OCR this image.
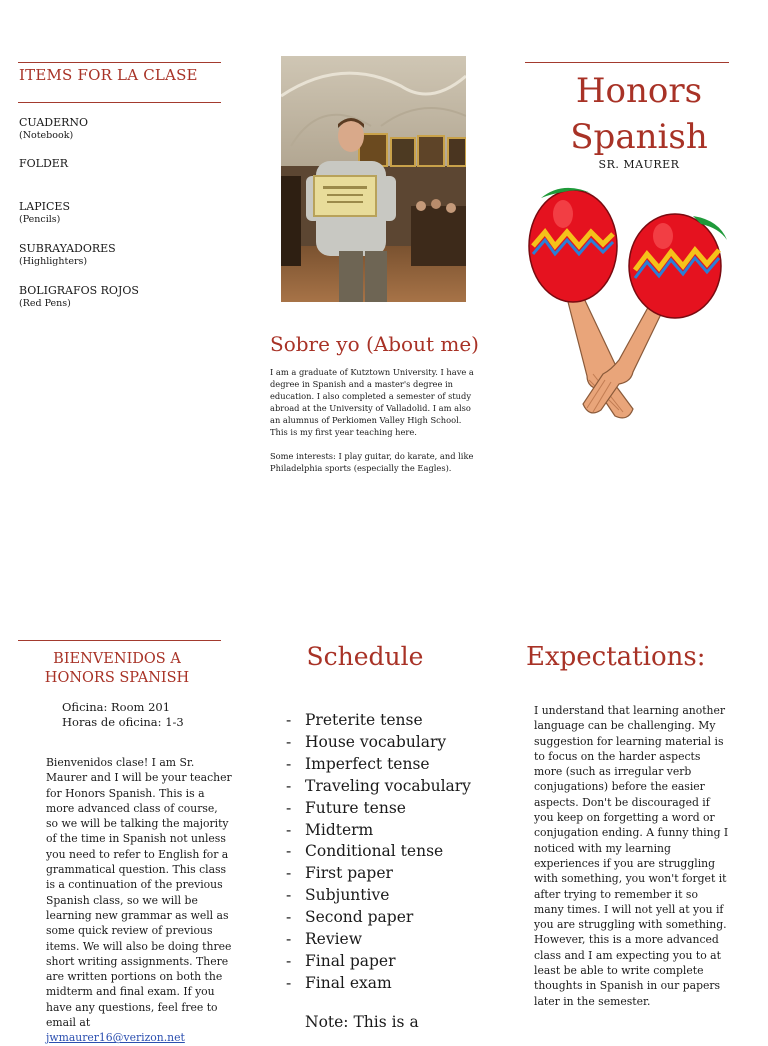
ITEMS FOR LA CLASE
CUADERNO
(Notebook)
FOLDER
LAPICES
(Pencils)
SUBRAYADORES
(Highlighters)
BOLIGRAFOS ROJOS
(Red Pens)
Sobre yo (About me)
I am a graduate of Kutztown University. I have a degree in Spanish and a master's degree in education. I also completed a semester of study abroad at the University of Valladolid. I am also an alumnus of Perkiomen Valley High School. This is my first year teaching here.
Some interests: I play guitar, do karate, and like Philadelphia sports (especially the Eagles).
Honors
Spanish
SR. MAURER
BIENVENIDOS A
HONORS SPANISH
Oficina: Room 201
Horas de oficina: 1-3
Bienvenidos clase! I am Sr. Maurer and I will be your teacher for Honors Spanish. This is a more advanced class of course, so we will be talking the majority of the time in Spanish not unless you need to refer to English for a grammatical question. This class is a continuation of the previous Spanish class, so we will be learning new grammar as well as some quick review of previous items. We will also be doing three short writing assignments. There are written portions on both the midterm and final exam. If you have any questions, feel free to email at jwmaurer16@verizon.net
Schedule
- Preterite tense
- House vocabulary
- Imperfect tense
- Traveling vocabulary
- Future tense
- Midterm
- Conditional tense
- First paper
- Subjuntive
- Second paper
- Review
- Final paper
- Final exam
Note: This is a
Expectations:
I understand that learning another language can be challenging. My suggestion for learning material is to focus on the harder aspects more (such as irregular verb conjugations) before the easier aspects. Don't be discouraged if you keep on forgetting a word or conjugation ending. A funny thing I noticed with my learning experiences if you are struggling with something, you won't forget it after trying to remember it so many times. I will not yell at you if you are struggling with something. However, this is a more advanced class and I am expecting you to at least be able to write complete thoughts in Spanish in our papers later in the semester.
